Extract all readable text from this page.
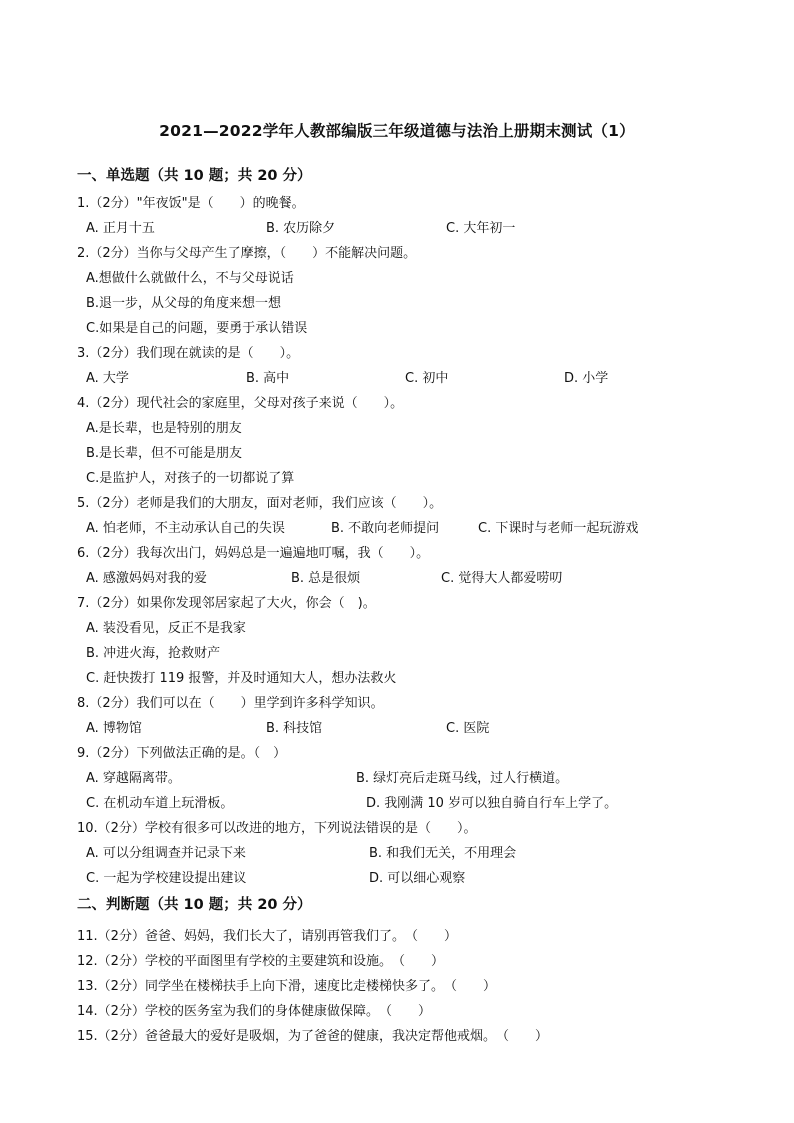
2021—2022学年人教部编版三年级道德与法治上册期末测试（1）
一、单选题（共 10 题；共 20 分）
1.（2分）"年夜饭"是（　　）的晚餐。
A. 正月十五	B. 农历除夕	C. 大年初一
2.（2分）当你与父母产生了摩擦，（　　）不能解决问题。
A.想做什么就做什么，不与父母说话
B.退一步，从父母的角度来想一想
C.如果是自己的问题，要勇于承认错误
3.（2分）我们现在就读的是（　　）。
A. 大学	B. 高中	C. 初中	D. 小学
4.（2分）现代社会的家庭里，父母对孩子来说（　　）。
A.是长辈，也是特别的朋友
B.是长辈，但不可能是朋友
C.是监护人，对孩子的一切都说了算
5.（2分）老师是我们的大朋友，面对老师，我们应该（　　）。
A. 怕老师，不主动承认自己的失误	B. 不敢向老师提问	C. 下课时与老师一起玩游戏
6.（2分）我每次出门，妈妈总是一遍遍地叮嘱，我（　　）。
A. 感激妈妈对我的爱	B. 总是很烦	C. 觉得大人都爱唠叨
7.（2分）如果你发现邻居家起了大火，你会（　)。
A. 装没看见，反正不是我家
B. 冲进火海，抢救财产
C. 赶快拨打 119 报警，并及时通知大人，想办法救火
8.（2分）我们可以在（　　）里学到许多科学知识。
A. 博物馆	B. 科技馆	C. 医院
9.（2分）下列做法正确的是。（　）
A. 穿越隔离带。	B. 绿灯亮后走斑马线，过人行横道。
C. 在机动车道上玩滑板。	D. 我刚满 10 岁可以独自骑自行车上学了。
10.（2分）学校有很多可以改进的地方，下列说法错误的是（　　）。
A. 可以分组调查并记录下来	B. 和我们无关，不用理会
C. 一起为学校建设提出建议	D. 可以细心观察
二、判断题（共 10 题；共 20 分）
11.（2分）爸爸、妈妈，我们长大了，请别再管我们了。　（　　）
12.（2分）学校的平面图里有学校的主要建筑和设施。　（　　）
13.（2分）同学坐在楼梯扶手上向下滑，速度比走楼梯快多了。　（　　）
14.（2分）学校的医务室为我们的身体健康做保障。　（　　）
15.（2分）爸爸最大的爱好是吸烟，为了爸爸的健康，我决定帮他戒烟。　（　　）
